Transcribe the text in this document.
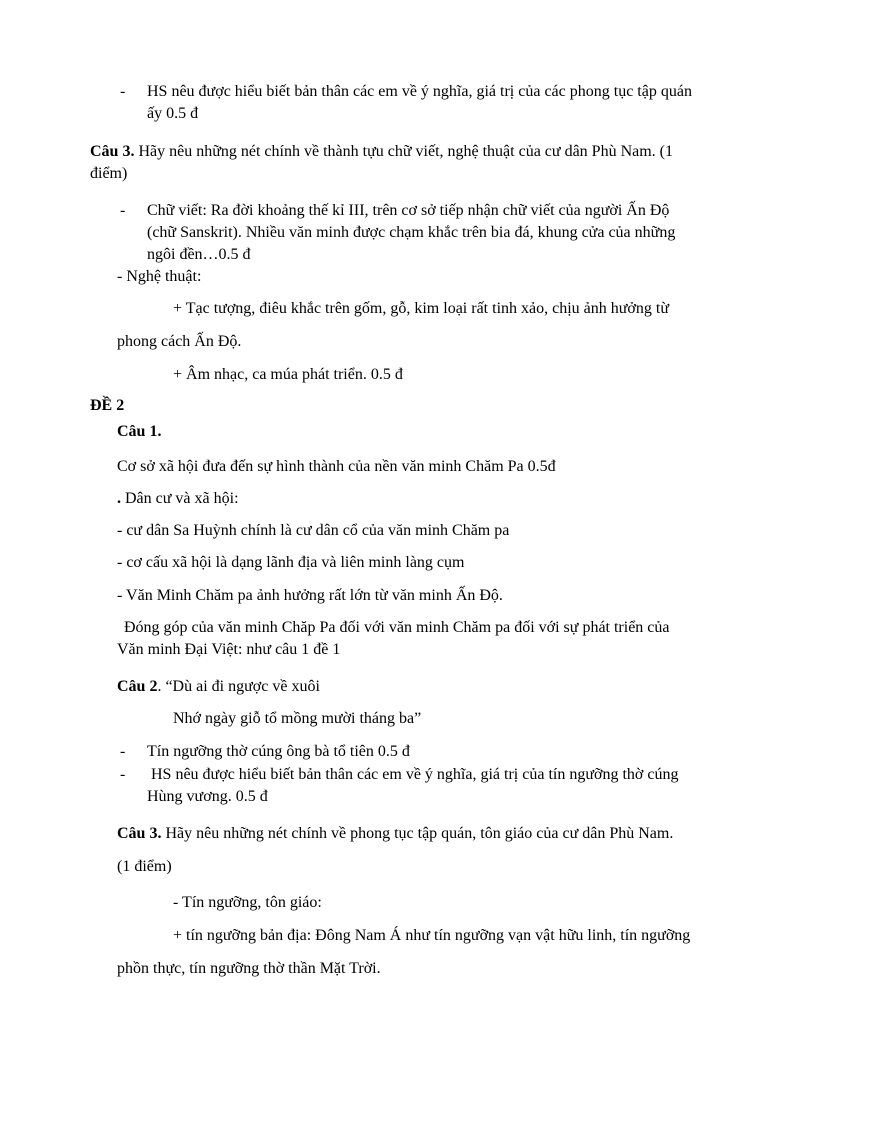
- HS nêu được hiểu biết bản thân các em về ý nghĩa, giá trị của các phong tục tập quán
ấy 0.5 đ
Câu 3. Hãy nêu những nét chính về thành tựu chữ viết, nghệ thuật của cư dân Phù Nam. (1
điểm)
- Chữ viết: Ra đời khoảng thế kỉ III, trên cơ sở tiếp nhận chữ viết của người Ấn Độ
(chữ Sanskrit). Nhiều văn minh được chạm khắc trên bia đá, khung cửa của những
ngôi đền…0.5 đ
- Nghệ thuật:
+ Tạc tượng, điêu khắc trên gốm, gỗ, kim loại rất tinh xảo, chịu ảnh hưởng từ
phong cách Ấn Độ.
+ Âm nhạc, ca múa phát triển. 0.5 đ
ĐỀ 2
Câu 1.
Cơ sở xã hội đưa đến sự hình thành của nền văn minh Chăm Pa 0.5đ
. Dân cư và xã hội:
- cư dân Sa Huỳnh chính là cư dân cổ của văn minh Chăm pa
- cơ cấu xã hội là dạng lãnh địa và liên minh làng cụm
- Văn Minh Chăm pa ảnh hưởng rất lớn từ văn minh Ấn Độ.
Đóng góp của văn minh Chăp Pa đối với văn minh Chăm pa đối với sự phát triển của
Văn minh Đại Việt: như câu 1 đề 1
Câu 2. “Dù ai đi ngược về xuôi
Nhớ ngày giỗ tổ mồng mười tháng ba”
- Tín ngưỡng thờ cúng ông bà tổ tiên 0.5 đ
- HS nêu được hiểu biết bản thân các em về ý nghĩa, giá trị của tín ngưỡng thờ cúng
Hùng vương. 0.5 đ
Câu 3. Hãy nêu những nét chính về phong tục tập quán, tôn giáo của cư dân Phù Nam.
(1 điểm)
- Tín ngưỡng, tôn giáo:
+ tín ngưỡng bản địa: Đông Nam Á như tín ngưỡng vạn vật hữu linh, tín ngưỡng
phồn thực, tín ngưỡng thờ thần Mặt Trời.
